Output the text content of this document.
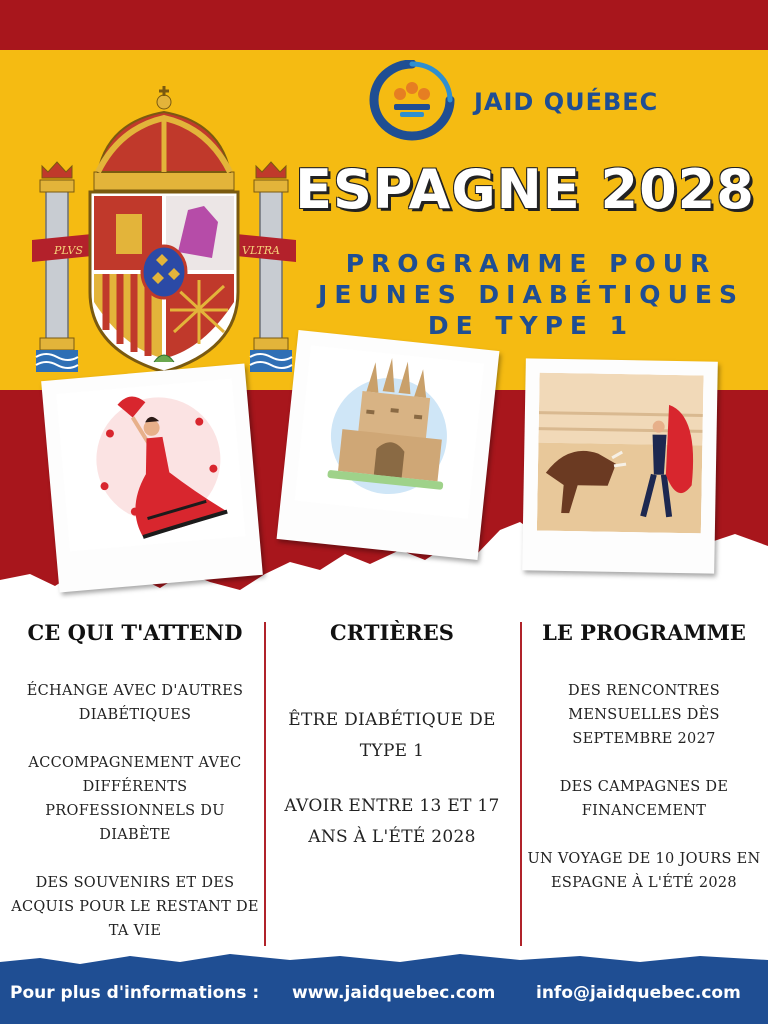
PLVS	VLTRA
JAID QUÉBEC
ESPAGNE 2028
PROGRAMME POUR
JEUNES DIABÉTIQUES
DE TYPE 1
CE QUI T'ATTEND

ÉCHANGE AVEC D'AUTRES DIABÉTIQUES

ACCOMPAGNEMENT AVEC DIFFÉRENTS PROFESSIONNELS DU DIABÈTE

DES SOUVENIRS ET DES ACQUIS POUR LE RESTANT DE TA VIE

CRTIÈRES

ÊTRE DIABÉTIQUE DE TYPE 1

AVOIR ENTRE 13 ET 17 ANS À L'ÉTÉ 2028

LE PROGRAMME

DES RENCONTRES MENSUELLES DÈS SEPTEMBRE 2027

DES CAMPAGNES DE FINANCEMENT

UN VOYAGE DE 10 JOURS EN ESPAGNE À L'ÉTÉ 2028

Pour plus d'informations : www.jaidquebec.com info@jaidquebec.com
